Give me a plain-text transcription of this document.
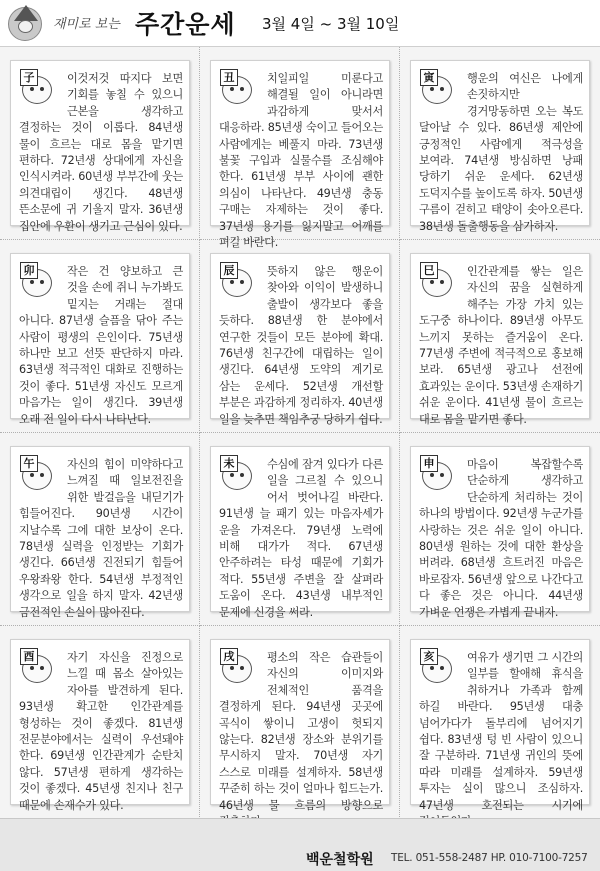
재미로 보는 주간운세 3월 4일 ~ 3월 10일
子	이것저것 따지다 보면 기회를 놓칠 수 있으니 근본을 생각하고 결정하는 것이 이롭다. 84년생 물이 흐르는 대로 몸을 맡기면 편하다. 72년생 상대에게 자신을 인식시켜라. 60년생 부부간에 웃는 의견대립이 생긴다. 48년생 뜬소문에 귀 기울지 말자. 36년생 집안에 우환이 생기고 근심이 있다.
丑	치일피일 미룬다고 해결될 일이 아니라면 과감하게 맞서서 대응하라. 85년생 숙이고 들어오는 사람에게는 베풀지 마라. 73년생 불꽃 구입과 실물수를 조심해야 한다. 61년생 부부 사이에 괜한 의심이 나타난다. 49년생 충동 구매는 자제하는 것이 좋다. 37년생 용기를 잃지말고 어깨를 펴길 바란다.
寅	행운의 여신은 나에게 손짓하지만 경거망동하면 오는 복도 달아날 수 있다. 86년생 제안에 긍정적인 사람에게 적극성을 보여라. 74년생 방심하면 낭패 당하기 쉬운 운세다. 62년생 도덕지수를 높이도록 하자. 50년생 구름이 걷히고 태양이 솟아오른다. 38년생 돌출행동을 삼가하자.
卯	작은 건 양보하고 큰 것을 손에 쥐니 누가봐도 밑지는 거래는 절대 아니다. 87년생 슬픔을 닦아 주는 사람이 평생의 은인이다. 75년생 하나만 보고 선뜻 판단하지 마라. 63년생 적극적인 대화로 진행하는 것이 좋다. 51년생 자신도 모르게 마음가는 일이 생긴다. 39년생 오래 전 일이 다시 나타난다.
辰	뜻하지 않은 행운이 찾아와 이익이 발생하니 출발이 생각보다 좋을 듯하다. 88년생 한 분야에서 연구한 것들이 모든 분야에 확대. 76년생 친구간에 대립하는 일이 생긴다. 64년생 도약의 계기로 삼는 운세다. 52년생 개선할 부분은 과감하게 정리하자. 40년생 일을 늦추면 책임추궁 당하기 쉽다.
巳	인간관계를 쌓는 일은 자신의 꿈을 실현하게 해주는 가장 가치 있는 도구중 하나이다. 89년생 아무도 느끼지 못하는 즐거움이 온다. 77년생 주변에 적극적으로 홍보해 보라. 65년생 광고나 선전에 효과있는 운이다. 53년생 손재하기 쉬운 운이다. 41년생 물이 흐르는 대로 몸을 맡기면 좋다.
午	자신의 힘이 미약하다고 느껴질 때 일보전진을 위한 발걸음을 내딛기가 힘들어진다. 90년생 시간이 지날수록 그에 대한 보상이 온다. 78년생 실력을 인정받는 기회가 생긴다. 66년생 진전되기 힘들어 우왕좌왕 한다. 54년생 부정적인 생각으로 일을 하지 말자. 42년생 금전적인 손실이 많아진다.
未	수심에 잠겨 있다가 다른 일을 그르칠 수 있으니 어서 벗어나길 바란다. 91년생 늘 패기 있는 마음자세가 운을 가져온다. 79년생 노력에 비해 대가가 적다. 67년생 안주하려는 타성 때문에 기회가 적다. 55년생 주변을 잘 살펴라 도움이 온다. 43년생 내부적인 문제에 신경을 써라.
申	마음이 복잡할수록 단순하게 생각하고 단순하게 처리하는 것이 하나의 방법이다. 92년생 누군가를 사랑하는 것은 쉬운 일이 아니다. 80년생 원하는 것에 대한 환상을 버려라. 68년생 흐트러진 마음은 바로잡자. 56년생 앞으로 나간다고 다 좋은 것은 아니다. 44년생 가벼운 언쟁은 가볍게 끝내자.
酉	자기 자신을 진정으로 느낄 때 몸소 살아있는 자아를 발견하게 된다. 93년생 확고한 인간관계를 형성하는 것이 좋겠다. 81년생 전문분야에서는 실력이 우선돼야 한다. 69년생 인간관계가 순탄치 않다. 57년생 편하게 생각하는 것이 좋겠다. 45년생 친지나 친구 때문에 손재수가 있다.
戌	평소의 작은 습관들이 자신의 이미지와 전체적인 품격을 결정하게 된다. 94년생 곳곳에 곡식이 쌓이니 고생이 헛되지 않는다. 82년생 장소와 분위기를 무시하지 말자. 70년생 자기 스스로 미래를 설계하자. 58년생 꾸준히 하는 것이 얼마나 힘드는가. 46년생 물 흐름의 방향으로
亥	여유가 생기면 그 시간의 일부를 할애해 휴식을 취하거나 가족과 함께 하길 바란다. 95년생 대충 넘어가다가 돌부리에 넘어지기 쉽다. 83년생 텅 빈 사람이 있으니 잘 구분하라. 71년생 귀인의 뜻에 따라 미래를 설계하자. 59년생 투자는 실이 많으니 조심하자. 47년생 호전되는 시기에
백운철학원 TEL. 051-558-2487 HP. 010-7100-7257
